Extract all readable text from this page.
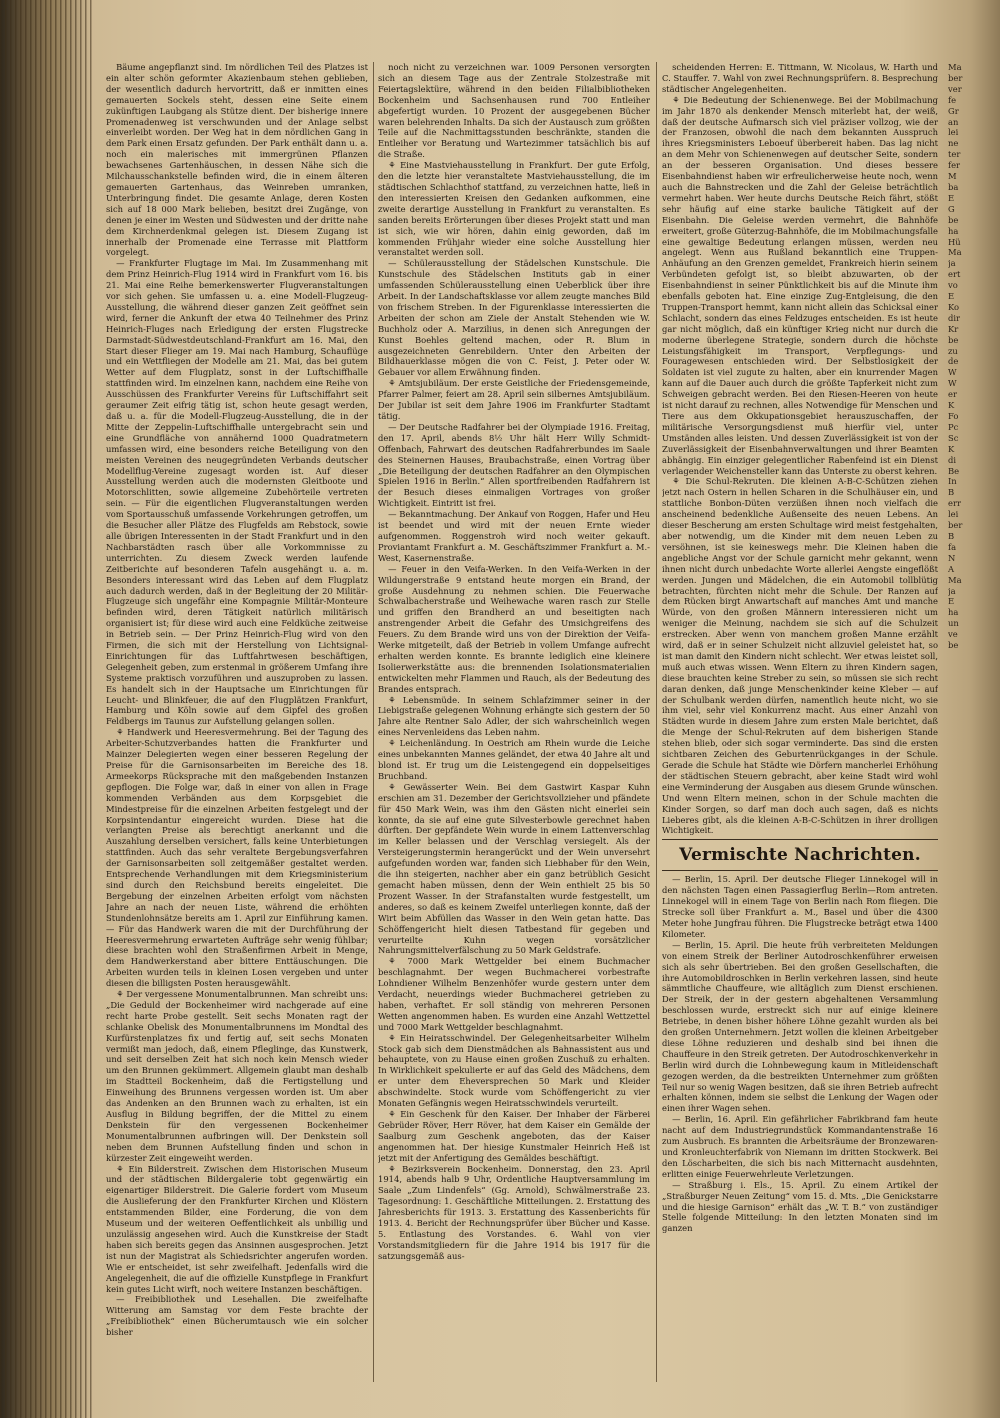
Bäume angepflanzt sind. Im nördlichen Teil des Platzes ist ein alter schön geformter Akazienbaum stehen geblieben, der wesentlich dadurch hervortritt, daß er inmitten eines gemauerten Sockels steht, dessen eine Seite einem zukünftigen Laubgang als Stütze dient. Der bisherige innere Promenadenweg ist verschwunden und der Anlage selbst einverleibt worden. Der Weg hat in dem nördlichen Gang in dem Park einen Ersatz gefunden. Der Park enthält dann u. a. noch ein malerisches mit immergrünen Pflanzen bewachsenes Gartenhäuschen, in dessen Nähe sich die Milchausschankstelle befinden wird, die in einem älteren gemauerten Gartenhaus, das Weinreben umranken, Unterbringung findet. Die gesamte Anlage, deren Kosten sich auf 18 000 Mark belieben, besitzt drei Zugänge, von denen je einer im Westen und Südwesten und der dritte nahe dem Kirchnerdenkmal gelegen ist. Diesem Zugang ist innerhalb der Promenade eine Terrasse mit Plattform vorgelegt.

— Frankfurter Flugtage im Mai. Im Zusammenhang mit dem Prinz Heinrich-Flug 1914 wird in Frankfurt vom 16. bis 21. Mai eine Reihe bemerkenswerter Flugveranstaltungen vor sich gehen. Sie umfassen u. a. eine Modell-Flugzeug-Ausstellung, die während dieser ganzen Zeit geöffnet sein wird, ferner die Ankunft der etwa 40 Teilnehmer des Prinz Heinrich-Fluges nach Erledigung der ersten Flugstrecke Darmstadt-Südwestdeutschland-Frankfurt am 16. Mai, den Start dieser Flieger am 19. Mai nach Hamburg, Schauflüge und ein Wettfliegen der Modelle am 21. Mai, das bei gutem Wetter auf dem Flugplatz, sonst in der Luftschiffhalle stattfinden wird. Im einzelnen kann, nachdem eine Reihe von Ausschüssen des Frankfurter Vereins für Luftschiffahrt seit geraumer Zeit eifrig tätig ist, schon heute gesagt werden, daß u. a. für die Modell-Flugzeug-Ausstellung, die in der Mitte der Zeppelin-Luftschiffhalle untergebracht sein und eine Grundfläche von annähernd 1000 Quadratmetern umfassen wird, eine besonders reiche Beteiligung von den meisten Vereinen des neugegründeten Verbands deutscher Modellflug-Vereine zugesagt worden ist. Auf dieser Ausstellung werden auch die modernsten Gleitboote und Motorschlitten, sowie allgemeine Zubehörteile vertreten sein. — Für die eigentlichen Flugveranstaltungen werden vom Sportausschuß umfassende Vorkehrungen getroffen, um die Besucher aller Plätze des Flugfelds am Rebstock, sowie alle übrigen Interessenten in der Stadt Frankfurt und in den Nachbarstädten rasch über alle Vorkommnisse zu unterrichten. Zu diesem Zweck werden laufende Zeitberichte auf besonderen Tafeln ausgehängt u. a. m. Besonders interessant wird das Leben auf dem Flugplatz auch dadurch werden, daß in der Begleitung der 20 Militär-Flugzeuge sich ungefähr eine Kompagnie Militär-Monteure befinden wird, deren Tätigkeit natürlich militärisch organisiert ist; für diese wird auch eine Feldküche zeitweise in Betrieb sein. — Der Prinz Heinrich-Flug wird von den Firmen, die sich mit der Herstellung von Lichtsignal-Einrichtungen für das Luftfahrtwesen beschäftigen, Gelegenheit geben, zum erstenmal in größerem Umfang ihre Systeme praktisch vorzuführen und auszuproben zu lassen. Es handelt sich in der Hauptsache um Einrichtungen für Leucht- und Blinkfeuer, die auf den Flugplätzen Frankfurt, Hamburg und Köln sowie auf dem Gipfel des großen Feldbergs im Taunus zur Aufstellung gelangen sollen.

⚘ Handwerk und Heeresvermehrung. Bei der Tagung des Arbeiter-Schutzverbandes hatten die Frankfurter und Mainzer Delegierten wegen einer besseren Regelung der Preise für die Garnisonsarbeiten im Bereiche des 18. Armeekorps Rücksprache mit den maßgebenden Instanzen gepflogen. Die Folge war, daß in einer von allen in Frage kommenden Verbänden aus dem Korpsgebiet die Mindestpreise für die einzelnen Arbeiten festgelegt und der Korpsintendantur eingereicht wurden. Diese hat die verlangten Preise als berechtigt anerkannt und die Auszahlung derselben versichert, falls keine Unterbietungen stattfinden. Auch das sehr veraltete Bergebungsverfahren der Garnisonsarbeiten soll zeitgemäßer gestaltet werden. Entsprechende Verhandlungen mit dem Kriegsministerium sind durch den Reichsbund bereits eingeleitet. Die Bergebung der einzelnen Arbeiten erfolgt vom nächsten Jahre an nach der neuen Liste, während die erhöhten Stundenlohnsätze bereits am 1. April zur Einführung kamen. — Für das Handwerk waren die mit der Durchführung der Heeresvermehrung erwarteten Aufträge sehr wenig fühlbar; diese brachten wohl den Straßenfirmen Arbeit in Menge, dem Handwerkerstand aber bittere Enttäuschungen. Die Arbeiten wurden teils in kleinen Losen vergeben und unter diesen die billigsten Posten herausgewählt.

⚘ Der vergessene Monumentalbrunnen. Man schreibt uns: „Die Geduld der Bockenheimer wird nachgerade auf eine recht harte Probe gestellt. Seit sechs Monaten ragt der schlanke Obelisk des Monumentalbrunnens im Mondtal des Kurfürstenplatzes fix und fertig auf, seit sechs Monaten vermißt man jedoch, daß, einem Pfleglinge, das Kunstwerk, und seit derselben Zeit hat sich noch kein Mensch wieder um den Brunnen gekümmert. Allgemein glaubt man deshalb im Stadtteil Bockenheim, daß die Fertigstellung und Einweihung des Brunnens vergessen worden ist. Um aber das Andenken an den Brunnen wach zu erhalten, ist ein Ausflug in Bildung begriffen, der die Mittel zu einem Denkstein für den vergessenen Bockenheimer Monumentalbrunnen aufbringen will. Der Denkstein soll neben dem Brunnen Aufstellung finden und schon in kürzester Zeit eingeweiht werden.

⚘ Ein Bilderstreit. Zwischen dem Historischen Museum und der städtischen Bildergalerie tobt gegenwärtig ein eigenartiger Bilderstreit. Die Galerie fordert vom Museum die Auslieferung der den Frankfurter Kirchen und Klöstern entstammenden Bilder, eine Forderung, die von dem Museum und der weiteren Oeffentlichkeit als unbillig und unzulässig angesehen wird. Auch die Kunstkreise der Stadt haben sich bereits gegen das Ansinnen ausgesprochen. Jetzt ist nun der Magistrat als Schiedsrichter angerufen worden. Wie er entscheidet, ist sehr zweifelhaft. Jedenfalls wird die Angelegenheit, die auf die offizielle Kunstpflege in Frankfurt kein gutes Licht wirft, noch weitere Instanzen beschäftigen.

— Freibibliothek und Lesehallen. Die zweifelhafte Witterung am Samstag vor dem Feste brachte der „Freibibliothek“ einen Bücherumtausch wie ein solcher bisher

noch nicht zu verzeichnen war. 1009 Personen versorgten sich an diesem Tage aus der Zentrale Stolzestraße mit Feiertagslektüre, während in den beiden Filialbibliotheken Bockenheim und Sachsenhausen rund 700 Entleiher abgefertigt wurden. 10 Prozent der ausgegebenen Bücher waren belehrenden Inhalts. Da sich der Austausch zum größten Teile auf die Nachmittagsstunden beschränkte, standen die Entleiher vor Beratung und Wartezimmer tatsächlich bis auf die Straße.

⚘ Eine Mastviehausstellung in Frankfurt. Der gute Erfolg, den die letzte hier veranstaltete Mastviehausstellung, die im städtischen Schlachthof stattfand, zu verzeichnen hatte, ließ in den interessierten Kreisen den Gedanken aufkommen, eine zweite derartige Ausstellung in Frankfurt zu veranstalten. Es sanden bereits Erörterungen über dieses Projekt statt und man ist sich, wie wir hören, dahin einig geworden, daß im kommenden Frühjahr wieder eine solche Ausstellung hier veranstaltet werden soll.

— Schülerausstellung der Städelschen Kunstschule. Die Kunstschule des Städelschen Instituts gab in einer umfassenden Schülerausstellung einen Ueberblick über ihre Arbeit. In der Landschaftsklasse vor allem zeugte manches Bild von frischem Streben. In der Figurenklasse interessierten die Arbeiten der schon am Ziele der Anstalt Stehenden wie W. Buchholz oder A. Marzilius, in denen sich Anregungen der Kunst Boehles geltend machen, oder R. Blum in ausgezeichneten Genrebildern. Unter den Arbeiten der Bildhauerklasse mögen die von C. Feist, J. Peter oder W. Gebauer vor allem Erwähnung finden.

⚘ Amtsjubiläum. Der erste Geistliche der Friedensgemeinde, Pfarrer Palmer, feiert am 28. April sein silbernes Amtsjubiläum. Der Jubilar ist seit dem Jahre 1906 im Frankfurter Stadtamt tätig.

— Der Deutsche Radfahrer bei der Olympiade 1916. Freitag, den 17. April, abends 8½ Uhr hält Herr Willy Schmidt-Offenbach, Fahrwart des deutschen Radfahrerbundes im Saale des Steinernen Hauses, Braubachstraße, einen Vortrag über „Die Beteiligung der deutschen Radfahrer an den Olympischen Spielen 1916 in Berlin.“ Allen sportfreibenden Radfahrern ist der Besuch dieses einmaligen Vortrages von großer Wichtigkeit. Eintritt ist frei.

— Bekanntmachung. Der Ankauf von Roggen, Hafer und Heu ist beendet und wird mit der neuen Ernte wieder aufgenommen. Roggenstroh wird noch weiter gekauft. Proviantamt Frankfurt a. M. Geschäftszimmer Frankfurt a. M.-West, Kasernenstraße.

— Feuer in den Veifa-Werken. In den Veifa-Werken in der Wildungerstraße 9 entstand heute morgen ein Brand, der große Ausdehnung zu nehmen schien. Die Feuerwache Schwalbacherstraße und Weihewache waren rasch zur Stelle und griffen den Brandherd an und beseitigten nach anstrengender Arbeit die Gefahr des Umsichgreifens des Feuers. Zu dem Brande wird uns von der Direktion der Veifa-Werke mitgeteilt, daß der Betrieb in vollem Umfange aufrecht erhalten werden konnte. Es brannte lediglich eine kleinere Isolierwerkstätte aus: die brennenden Isolationsmaterialien entwickelten mehr Flammen und Rauch, als der Bedeutung des Brandes entsprach.

⚘ Lebensmüde. In seinem Schlafzimmer seiner in der Liebigstraße gelegenen Wohnung erhängte sich gestern der 50 Jahre alte Rentner Salo Adler, der sich wahrscheinlich wegen eines Nervenleidens das Leben nahm.

⚘ Leichenländung. In Oestrich am Rhein wurde die Leiche eines unbekannten Mannes geländet, der etwa 40 Jahre alt und blond ist. Er trug um die Leistengegend ein doppelseitiges Bruchband.

⚘ Gewässerter Wein. Bei dem Gastwirt Kaspar Kuhn erschien am 31. Dezember der Gerichtsvollzieher und pfändete für 450 Mark Wein, was ihm den Gästen nicht einerlei sein konnte, da sie auf eine gute Silvesterbowle gerechnet haben dürften. Der gepfändete Wein wurde in einem Lattenverschlag im Keller belassen und der Verschlag versiegelt. Als der Versteigerungstermin herangerückt und der Wein unversehrt aufgefunden worden war, fanden sich Liebhaber für den Wein, die ihn steigerten, nachher aber ein ganz betrüblich Gesicht gemacht haben müssen, denn der Wein enthielt 25 bis 50 Prozent Wasser. In der Strafanstalten wurde festgestellt, um anderes, so daß es keinem Zweifel unterliegen konnte, daß der Wirt beim Abfüllen das Wasser in den Wein getan hatte. Das Schöffengericht hielt diesen Tatbestand für gegeben und verurteilte Kuhn wegen vorsätzlicher Nahrungsmittelverfälschung zu 50 Mark Geldstrafe.

⚘ 7000 Mark Wettgelder bei einem Buchmacher beschlagnahmt. Der wegen Buchmacherei vorbestrafte Lohndiener Wilhelm Benzenhöfer wurde gestern unter dem Verdacht, neuerdings wieder Buchmacherei getrieben zu haben, verhaftet. Er soll ständig von mehreren Personen Wetten angenommen haben. Es wurden eine Anzahl Wettzettel und 7000 Mark Wettgelder beschlagnahmt.

⚘ Ein Heiratsschwindel. Der Gelegenheitsarbeiter Wilhelm Stock gab sich dem Dienstmädchen als Bahnassistent aus und behauptete, von zu Hause einen großen Zuschuß zu erhalten. In Wirklichkeit spekulierte er auf das Geld des Mädchens, dem er unter dem Eheversprechen 50 Mark und Kleider abschwindelte. Stock wurde vom Schöffengericht zu vier Monaten Gefängnis wegen Heiratsschwindels verurteilt.

⚘ Ein Geschenk für den Kaiser. Der Inhaber der Färberei Gebrüder Röver, Herr Röver, hat dem Kaiser ein Gemälde der Saalburg zum Geschenk angeboten, das der Kaiser angenommen hat. Der hiesige Kunstmaler Heinrich Heß ist jetzt mit der Anfertigung des Gemäldes beschäftigt.

⚘ Bezirksverein Bockenheim. Donnerstag, den 23. April 1914, abends halb 9 Uhr, Ordentliche Hauptversammlung im Saale „Zum Lindenfels“ (Gg. Arnold), Schwälmerstraße 23. Tagesordnung: 1. Geschäftliche Mitteilungen. 2. Erstattung des Jahresberichts für 1913. 3. Erstattung des Kassenberichts für 1913. 4. Bericht der Rechnungsprüfer über Bücher und Kasse. 5. Entlastung des Vorstandes. 6. Wahl von vier Vorstandsmitgliedern für die Jahre 1914 bis 1917 für die satzungsgemäß aus-

scheidenden Herren: E. Tittmann, W. Nicolaus, W. Harth und C. Stauffer. 7. Wahl von zwei Rechnungsprüfern. 8. Besprechung städtischer Angelegenheiten.

⚘ Die Bedeutung der Schienenwege. Bei der Mobilmachung im Jahr 1870 als denkender Mensch miterlebt hat, der weiß, daß der deutsche Aufmarsch sich viel präziser vollzog, wie der der Franzosen, obwohl die nach dem bekannten Ausspruch ihres Kriegsministers Leboeuf überbereit haben. Das lag nicht an dem Mehr von Schienenwegen auf deutscher Seite, sondern an der besseren Organisation. Und dieses bessere Eisenbahndienst haben wir erfreulicherweise heute noch, wenn auch die Bahnstrecken und die Zahl der Geleise beträchtlich vermehrt haben. Wer heute durchs Deutsche Reich fährt, stößt sehr häufig auf eine starke bauliche Tätigkeit auf der Eisenbahn. Die Geleise werden vermehrt, die Bahnhöfe erweitert, große Güterzug-Bahnhöfe, die im Mobilmachungsfalle eine gewaltige Bedeutung erlangen müssen, werden neu angelegt. Wenn aus Rußland bekanntlich eine Truppen-Anhäufung an den Grenzen gemeldet, Frankreich hierin seinem Verbündeten gefolgt ist, so bleibt abzuwarten, ob der Eisenbahndienst in seiner Pünktlichkeit bis auf die Minute ihm ebenfalls geboten hat. Eine einzige Zug-Entgleisung, die den Truppen-Transport hemmt, kann nicht allein das Schicksal einer Schlacht, sondern das eines Feldzuges entscheiden. Es ist heute gar nicht möglich, daß ein künftiger Krieg nicht nur durch die moderne überlegene Strategie, sondern durch die höchste Leistungsfähigkeit im Transport, Verpflegungs- und Fouragewesen entschieden wird. Der Selbstlosigkeit der Soldaten ist viel zugute zu halten, aber ein knurrender Magen kann auf die Dauer auch durch die größte Tapferkeit nicht zum Schweigen gebracht werden. Bei den Riesen-Heeren von heute ist nicht darauf zu rechnen, alles Notwendige für Menschen und Tiere aus dem Okkupationsgebiet herauszuschaffen, der militärische Versorgungsdienst muß hierfür viel, unter Umständen alles leisten. Und dessen Zuverlässigkeit ist von der Zuverlässigkeit der Eisenbahnverwaltungen und ihrer Beamten abhängig. Ein einziger gelegentlicher Rabenfeind ist ein Dienst verlagender Weichensteller kann das Unterste zu oberst kehren.

⚘ Die Schul-Rekruten. Die kleinen A-B-C-Schützen ziehen jetzt nach Ostern in hellen Scharen in die Schulhäuser ein, und stattliche Bonbon-Düten verzüßen ihnen noch vielfach die anscheinend bedenkliche Außenseite des neuen Lebens. An dieser Bescherung am ersten Schultage wird meist festgehalten, aber notwendig, um die Kinder mit dem neuen Leben zu versöhnen, ist sie keineswegs mehr. Die Kleinen haben die angebliche Angst vor der Schule garnicht mehr gekannt, wenn ihnen nicht durch unbedachte Worte allerlei Aengste eingeflößt werden. Jungen und Mädelchen, die ein Automobil tollblütig betrachten, fürchten nicht mehr die Schule. Der Ranzen auf dem Rücken birgt Anwartschaft auf manches Amt und manche Würde, von den großen Männern interessieren nicht um weniger die Meinung, nachdem sie sich auf die Schulzeit erstrecken. Aber wenn von manchem großen Manne erzählt wird, daß er in seiner Schulzeit nicht allzuviel geleistet hat, so ist man damit den Kindern nicht schlecht. Wer etwas leistet soll, muß auch etwas wissen. Wenn Eltern zu ihren Kindern sagen, diese brauchten keine Streber zu sein, so müssen sie sich recht daran denken, daß junge Menschenkinder keine Kleber — auf der Schulbank werden dürfen, namentlich heute nicht, wo sie ihm viel, sehr viel Konkurrenz macht. Aus einer Anzahl von Städten wurde in diesem Jahre zum ersten Male berichtet, daß die Menge der Schul-Rekruten auf dem bisherigen Stande stehen blieb, oder sich sogar verminderte. Das sind die ersten sichtbaren Zeichen des Geburtenrückganges in der Schule. Gerade die Schule hat Städte wie Dörfern mancherlei Erhöhung der städtischen Steuern gebracht, aber keine Stadt wird wohl eine Verminderung der Ausgaben aus diesem Grunde wünschen. Und wenn Eltern meinen, schon in der Schule machten die Kinder Sorgen, so darf man doch auch sagen, daß es nichts Lieberes gibt, als die kleinen A-B-C-Schützen in ihrer drolligen Wichtigkeit.

Vermischte Nachrichten.

— Berlin, 15. April. Der deutsche Flieger Linnekogel will in den nächsten Tagen einen Passagierflug Berlin—Rom antreten. Linnekogel will in einem Tage von Berlin nach Rom fliegen. Die Strecke soll über Frankfurt a. M., Basel und über die 4300 Meter hohe Jungfrau führen. Die Flugstrecke beträgt etwa 1400 Kilometer.

— Berlin, 15. April. Die heute früh verbreiteten Meldungen von einem Streik der Berliner Autodroschkenführer erweisen sich als sehr übertrieben. Bei den großen Gesellschaften, die ihre Automobildroschken in Berlin verkehren lassen, sind heute sämmtliche Chauffeure, wie alltäglich zum Dienst erschienen. Der Streik, der in der gestern abgehaltenen Versammlung beschlossen wurde, erstreckt sich nur auf einige kleinere Betriebe, in denen bisher höhere Löhne gezahlt wurden als bei den großen Unternehmern. Jetzt wollen die kleinen Arbeitgeber diese Löhne reduzieren und deshalb sind bei ihnen die Chauffeure in den Streik getreten. Der Autodroschkenverkehr in Berlin wird durch die Lohnbewegung kaum in Mitleidenschaft gezogen werden, da die bestreikten Unternehmer zum größten Teil nur so wenig Wagen besitzen, daß sie ihren Betrieb aufrecht erhalten können, indem sie selbst die Lenkung der Wagen oder einen ihrer Wagen sehen.

— Berlin, 16. April. Ein gefährlicher Fabrikbrand fam heute nacht auf dem Industriegrundstück Kommandantenstraße 16 zum Ausbruch. Es brannten die Arbeitsräume der Bronzewaren- und Kronleuchterfabrik von Niemann im dritten Stockwerk. Bei den Löscharbeiten, die sich bis nach Mitternacht ausdehnten, erlitten einige Feuerwehrleute Verletzungen.

— Straßburg i. Els., 15. April. Zu einem Artikel der „Straßburger Neuen Zeitung“ vom 15. d. Mts. „Die Genickstarre und die hiesige Garnison“ erhält das „W. T. B.“ von zuständiger Stelle folgende Mitteilung: In den letzten Monaten sind im ganzen

Ma
ber
ver
fe
Gr
an
lei
ne
ter
fer
M
ba
E
G
be
ha
Hü
Ma
ja
ert
vo
E
Ko
dir
Kr
be
zu
de
W
W
er
K
Fo
Pc
Sc
K
di
Be
In
B
err
lei
ber
B
fa
N
A
Ma
ja
E
ha
un
ve
be
